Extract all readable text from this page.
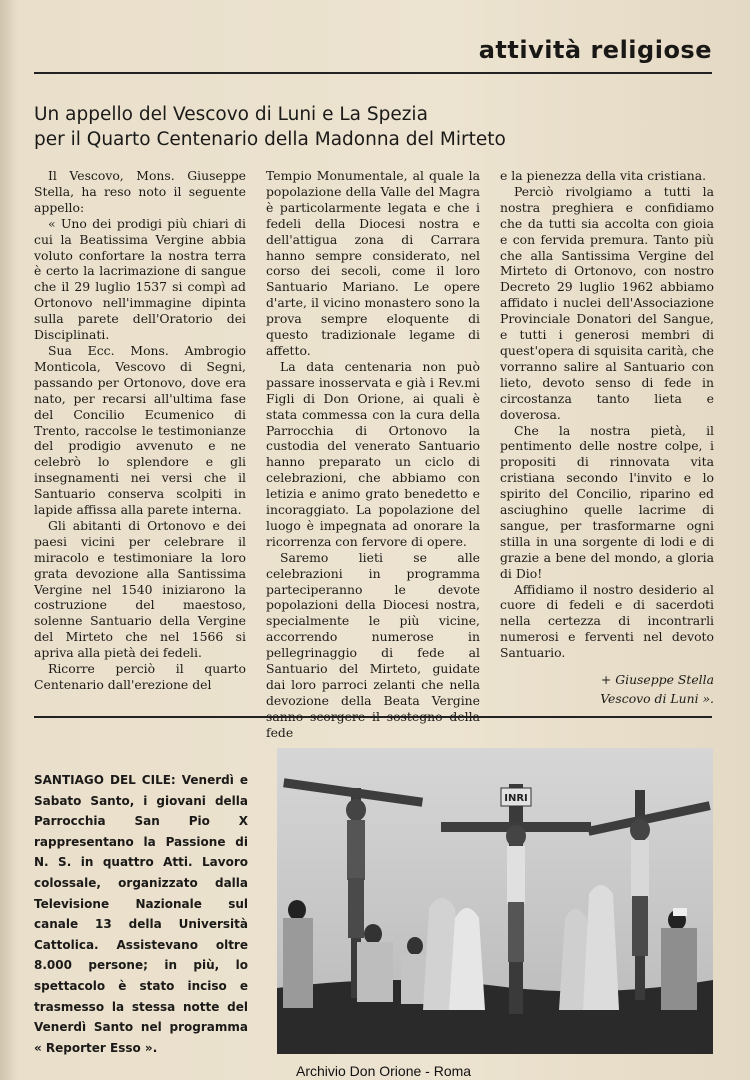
attività religiose
Un appello del Vescovo di Luni e La Spezia
per il Quarto Centenario della Madonna del Mirteto

Il Vescovo, Mons. Giuseppe Stella, ha reso noto il seguente appello:

« Uno dei prodigi più chiari di cui la Beatissima Vergine abbia voluto confortare la nostra terra è certo la lacrimazione di sangue che il 29 luglio 1537 si compì ad Ortonovo nell'immagine dipinta sulla parete dell'Oratorio dei Disciplinati.

Sua Ecc. Mons. Ambrogio Monticola, Vescovo di Segni, passando per Ortonovo, dove era nato, per recarsi all'ultima fase del Concilio Ecumenico di Trento, raccolse le testimonianze del prodigio avvenuto e ne celebrò lo splendore e gli insegnamenti nei versi che il Santuario conserva scolpiti in lapide affissa alla parete interna.

Gli abitanti di Ortonovo e dei paesi vicini per celebrare il miracolo e testimoniare la loro grata devozione alla Santissima Vergine nel 1540 iniziarono la costruzione del maestoso, solenne Santuario della Vergine del Mirteto che nel 1566 si apriva alla pietà dei fedeli.

Ricorre perciò il quarto Centenario dall'erezione del

Tempio Monumentale, al quale la popolazione della Valle del Magra è particolarmente legata e che i fedeli della Diocesi nostra e dell'attigua zona di Carrara hanno sempre considerato, nel corso dei secoli, come il loro Santuario Mariano. Le opere d'arte, il vicino monastero sono la prova sempre eloquente di questo tradizionale legame di affetto.

La data centenaria non può passare inosservata e già i Rev.mi Figli di Don Orione, ai quali è stata commessa con la cura della Parrocchia di Ortonovo la custodia del venerato Santuario hanno preparato un ciclo di celebrazioni, che abbiamo con letizia e animo grato benedetto e incoraggiato. La popolazione del luogo è impegnata ad onorare la ricorrenza con fervore di opere.

Saremo lieti se alle celebrazioni in programma parteciperanno le devote popolazioni della Diocesi nostra, specialmente le più vicine, accorrendo numerose in pellegrinaggio di fede al Santuario del Mirteto, guidate dai loro parroci zelanti che nella devozione della Beata Vergine sanno scorgere il sostegno della fede

e la pienezza della vita cristiana.

Perciò rivolgiamo a tutti la nostra preghiera e confidiamo che da tutti sia accolta con gioia e con fervida premura. Tanto più che alla Santissima Vergine del Mirteto di Ortonovo, con nostro Decreto 29 luglio 1962 abbiamo affidato i nuclei dell'Associazione Provinciale Donatori del Sangue, e tutti i generosi membri di quest'opera di squisita carità, che vorranno salire al Santuario con lieto, devoto senso di fede in circostanza tanto lieta e doverosa.

Che la nostra pietà, il pentimento delle nostre colpe, i propositi di rinnovata vita cristiana secondo l'invito e lo spirito del Concilio, riparino ed asciughino quelle lacrime di sangue, per trasformarne ogni stilla in una sorgente di lodi e di grazie a bene del mondo, a gloria di Dio!

Affidiamo il nostro desiderio al cuore di fedeli e di sacerdoti nella certezza di incontrarli numerosi e ferventi nel devoto Santuario.

+ Giuseppe Stella
Vescovo di Luni ».
SANTIAGO DEL CILE: Venerdì e Sabato Santo, i giovani della Parrocchia San Pio X rappresentano la Passione di N. S. in quattro Atti. Lavoro colossale, organizzato dalla Televisione Nazionale sul canale 13 della Università Cattolica. Assistevano oltre 8.000 persone; in più, lo spettacolo è stato inciso e trasmesso la stessa notte del Venerdì Santo nel programma « Reporter Esso ».
INRI
Archivio Don Orione - Roma
